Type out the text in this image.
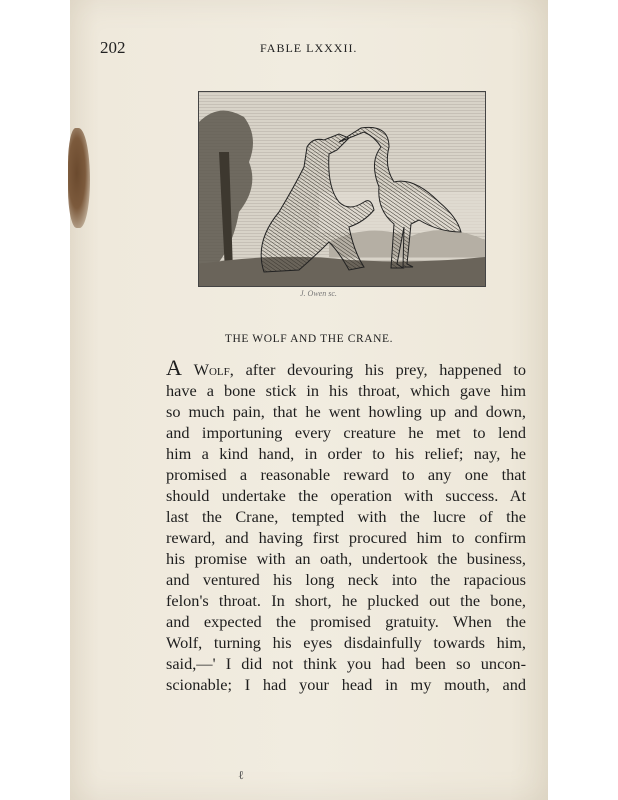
202	FABLE LXXXII.
J. Owen sc.
THE WOLF AND THE CRANE.
A Wolf, after devouring his prey, happened to
have a bone stick in his throat, which gave him
so much pain, that he went howling up and down,
and importuning every creature he met to lend
him a kind hand, in order to his relief; nay, he
promised a reasonable reward to any one that
should undertake the operation with success. At
last the Crane, tempted with the lucre of the
reward, and having first procured him to confirm
his promise with an oath, undertook the business,
and ventured his long neck into the rapacious
felon's throat. In short, he plucked out the bone,
and expected the promised gratuity. When the
Wolf, turning his eyes disdainfully towards him,
said,—' I did not think you had been so uncon-
scionable; I had your head in my mouth, and
ℓ
